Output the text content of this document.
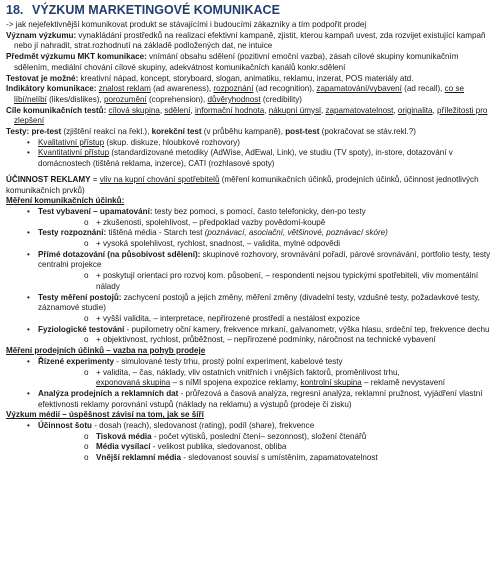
18. VÝZKUM MARKETINGOVÉ KOMUNIKACE

-> jak nejefektivnější komunikovat produkt se stávajícími i budoucími zákazníky a tím podpořit prodej

Význam výzkumu: vynakládání prostředků na realizaci efektivní kampaně, zjistit, kterou kampaň uvest, zda rozvijet existující kampaň nebo jí nahradit, strat.rozhodnutí na základě podložených dat, ne intuice

Předmět výzkumu MKT komunikace: vnímání obsahu sdělení (pozitivní emoční vazba), zásah cílové skupiny komunikačním sdělením, mediální chování cílové skupiny, adekvátnost komunikačních kanálů konkr.sdělení

Testovat je možné: kreativní nápad, koncept, storyboard, slogan, animatiku, reklamu, inzerat, POS materiály atd.

Indikátory komunikace: znalost reklam (ad awareness), rozpoznání (ad recognition), zapamatování/vybavení (ad recall), co se líbí/nelíbí (likes/dislikes), porozumění (coprehension), důvěryhodnost (credibility)

Cíle komunikačních testů: cílová skupina, sdělení, informační hodnota, nákupní úmysl, zapamatovatelnost, originalita, příležitosti pro zlepšení

Testy: pre-test (zjištění reakcí na řekl.), korekční test (v průběhu kampaně), post-test (pokračovat se stáv.rekl.?)

• Kvalitativní přístup (skup. diskuze, hloubkové rozhovory)
• Kvantitativní přístup (standardizované metodiky (AdWise, AdEwal, Link), ve studiu (TV spoty), in-store, dotazování v domácnostech (tištěná reklama, inzerce), CATI (rozhlasové spoty)

ÚČINNOST REKLAMY = vliv na kupní chování spotřebitelů (měření komunikačních účinků, prodejních účinků, účinnost jednotlivých komunikačních prvků)

Měření komunikačních účinků:

• Test vybavení – upamatování: testy bez pomoci, s pomocí, často telefonicky, den-po testy
o + zkušenosti, spolehlivost, – předpoklad vazby povědomí-koupě
• Testy rozpoznání: tištěná média - Starch test (poznávací, asociační, většinové, poznávací skóre)
o + vysoká spolehlivost, rychlost, snadnost, – validita, mylné odpovědi
• Přímé dotazování (na působivost sdělení): skupinové rozhovory, srovnávání pořadí, párové srovnávání, portfolio testy, testy centralni projekce
o + poskytují orientaci pro rozvoj kom. působení, – respondenti nejsou typickými spotřebiteli, vliv momentální nálady
• Testy měření postojů: zachycení postojů a jejich změny, měření změny (divadelní testy, vzdušné testy, požadavkové testy, záznamové studie)
o + vyšší validita, – interpretace, nepřirozené prostředí a nestálost expozice
• Fyziologické testování - pupilometry oční kamery, frekvence mrkaní, galvanometr, výška hlasu, srdeční tep, frekvence dechu
o + objektivnost, rychlost, průběžnost, – nepřirozené podmínky, náročnost na technické vybavení

Měření prodejních účinků – vazba na pohyb prodeje

• Řízené experimenty - simulované testy trhu, prostý polní experiment, kabelové testy
o + validita, – čas, náklady, vliv ostatních vnitřních i vnějších faktorů, proměnlivost trhu,
exponovaná skupina – s níMI spojena expozice reklamy, kontrolní skupina – reklamě nevystavení
• Analýza prodejních a reklamních dat - průřezová a časová analýza, regresní analýza, reklamní pružnost, vyjádření vlastní efektivnosti reklamy porovnání vstupů (náklady na reklamu) a výstupů (prodeje či zisku)

Výzkum médií – úspěšnost závisí na tom, jak se šíří

• Účinnost šotu - dosah (reach), sledovanost (rating), podíl (share), frekvence
o Tisková média - počet výtisků, poslední čtení– sezonnost), složení čtenářů
o Média vysílací - velikost publika, sledovanost, obliba
o Vnější reklamní média - sledovanost souvisí s umístěním, zapamatovatelnost
